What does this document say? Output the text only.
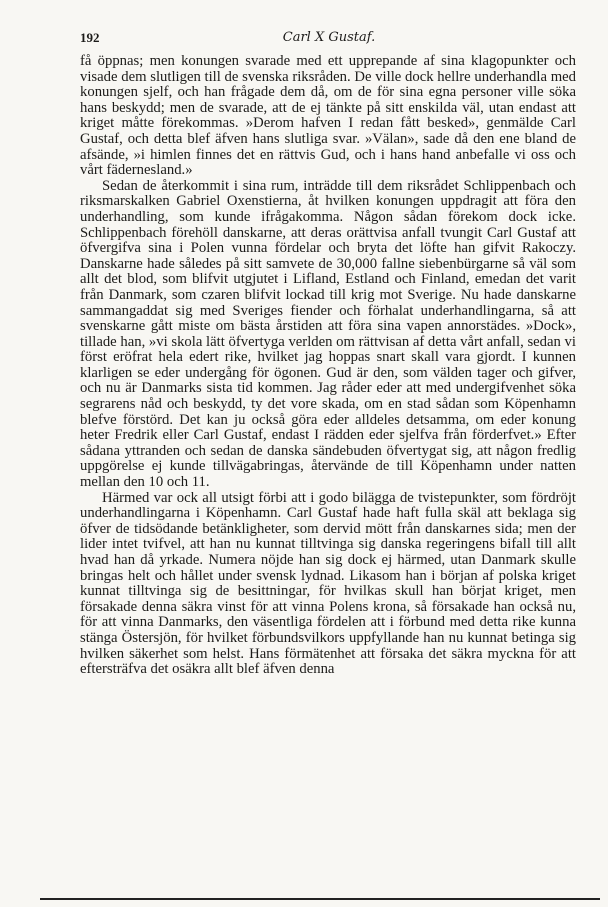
192	Carl X Gustaf.

få öppnas; men konungen svarade med ett upprepande af sina klagopunkter och visade dem slutligen till de svenska riksråden. De ville dock hellre underhandla med konungen sjelf, och han frågade dem då, om de för sina egna personer ville söka hans beskydd; men de svarade, att de ej tänkte på sitt enskilda väl, utan endast att kriget måtte förekommas. »Derom hafven I redan fått besked», genmälde Carl Gustaf, och detta blef äfven hans slutliga svar. »Välan», sade då den ene bland de afsände, »i himlen finnes det en rättvis Gud, och i hans hand anbefalle vi oss och vårt fädernesland.»

Sedan de återkommit i sina rum, inträdde till dem riksrådet Schlippenbach och riksmarskalken Gabriel Oxenstierna, åt hvilken konungen uppdragit att föra den underhandling, som kunde ifrågakomma. Någon sådan förekom dock icke. Schlippenbach förehöll danskarne, att deras orättvisa anfall tvungit Carl Gustaf att öfvergifva sina i Polen vunna fördelar och bryta det löfte han gifvit Rakoczy. Danskarne hade således på sitt samvete de 30,000 fallne siebenbürgarne så väl som allt det blod, som blifvit utgjutet i Lifland, Estland och Finland, emedan det varit från Danmark, som czaren blifvit lockad till krig mot Sverige. Nu hade danskarne sammangaddat sig med Sveriges fiender och förhalat underhandlingarna, så att svenskarne gått miste om bästa årstiden att föra sina vapen annorstädes. »Dock», tillade han, »vi skola lätt öfvertyga verlden om rättvisan af detta vårt anfall, sedan vi först eröfrat hela edert rike, hvilket jag hoppas snart skall vara gjordt. I kunnen klarligen se eder undergång för ögonen. Gud är den, som välden tager och gifver, och nu är Danmarks sista tid kommen. Jag råder eder att med undergifvenhet söka segrarens nåd och beskydd, ty det vore skada, om en stad sådan som Köpenhamn blefve förstörd. Det kan ju också göra eder alldeles detsamma, om eder konung heter Fredrik eller Carl Gustaf, endast I rädden eder sjelfva från förderfvet.» Efter sådana yttranden och sedan de danska sändebuden öfvertygat sig, att någon fredlig uppgörelse ej kunde tillvägabringas, återvände de till Köpenhamn under natten mellan den 10 och 11.

Härmed var ock all utsigt förbi att i godo bilägga de tvistepunkter, som fördröjt underhandlingarna i Köpenhamn. Carl Gustaf hade haft fulla skäl att beklaga sig öfver de tidsödande betänkligheter, som dervid mött från danskarnes sida; men der lider intet tvifvel, att han nu kunnat tilltvinga sig danska regeringens bifall till allt hvad han då yrkade. Numera nöjde han sig dock ej härmed, utan Danmark skulle bringas helt och hållet under svensk lydnad. Likasom han i början af polska kriget kunnat tilltvinga sig de besittningar, för hvilkas skull han börjat kriget, men försakade denna säkra vinst för att vinna Polens krona, så försakade han också nu, för att vinna Danmarks, den väsentliga fördelen att i förbund med detta rike kunna stänga Östersjön, för hvilket förbundsvilkors uppfyllande han nu kunnat betinga sig hvilken säkerhet som helst. Hans förmätenhet att försaka det säkra myckna för att eftersträfva det osäkra allt blef äfven denna
